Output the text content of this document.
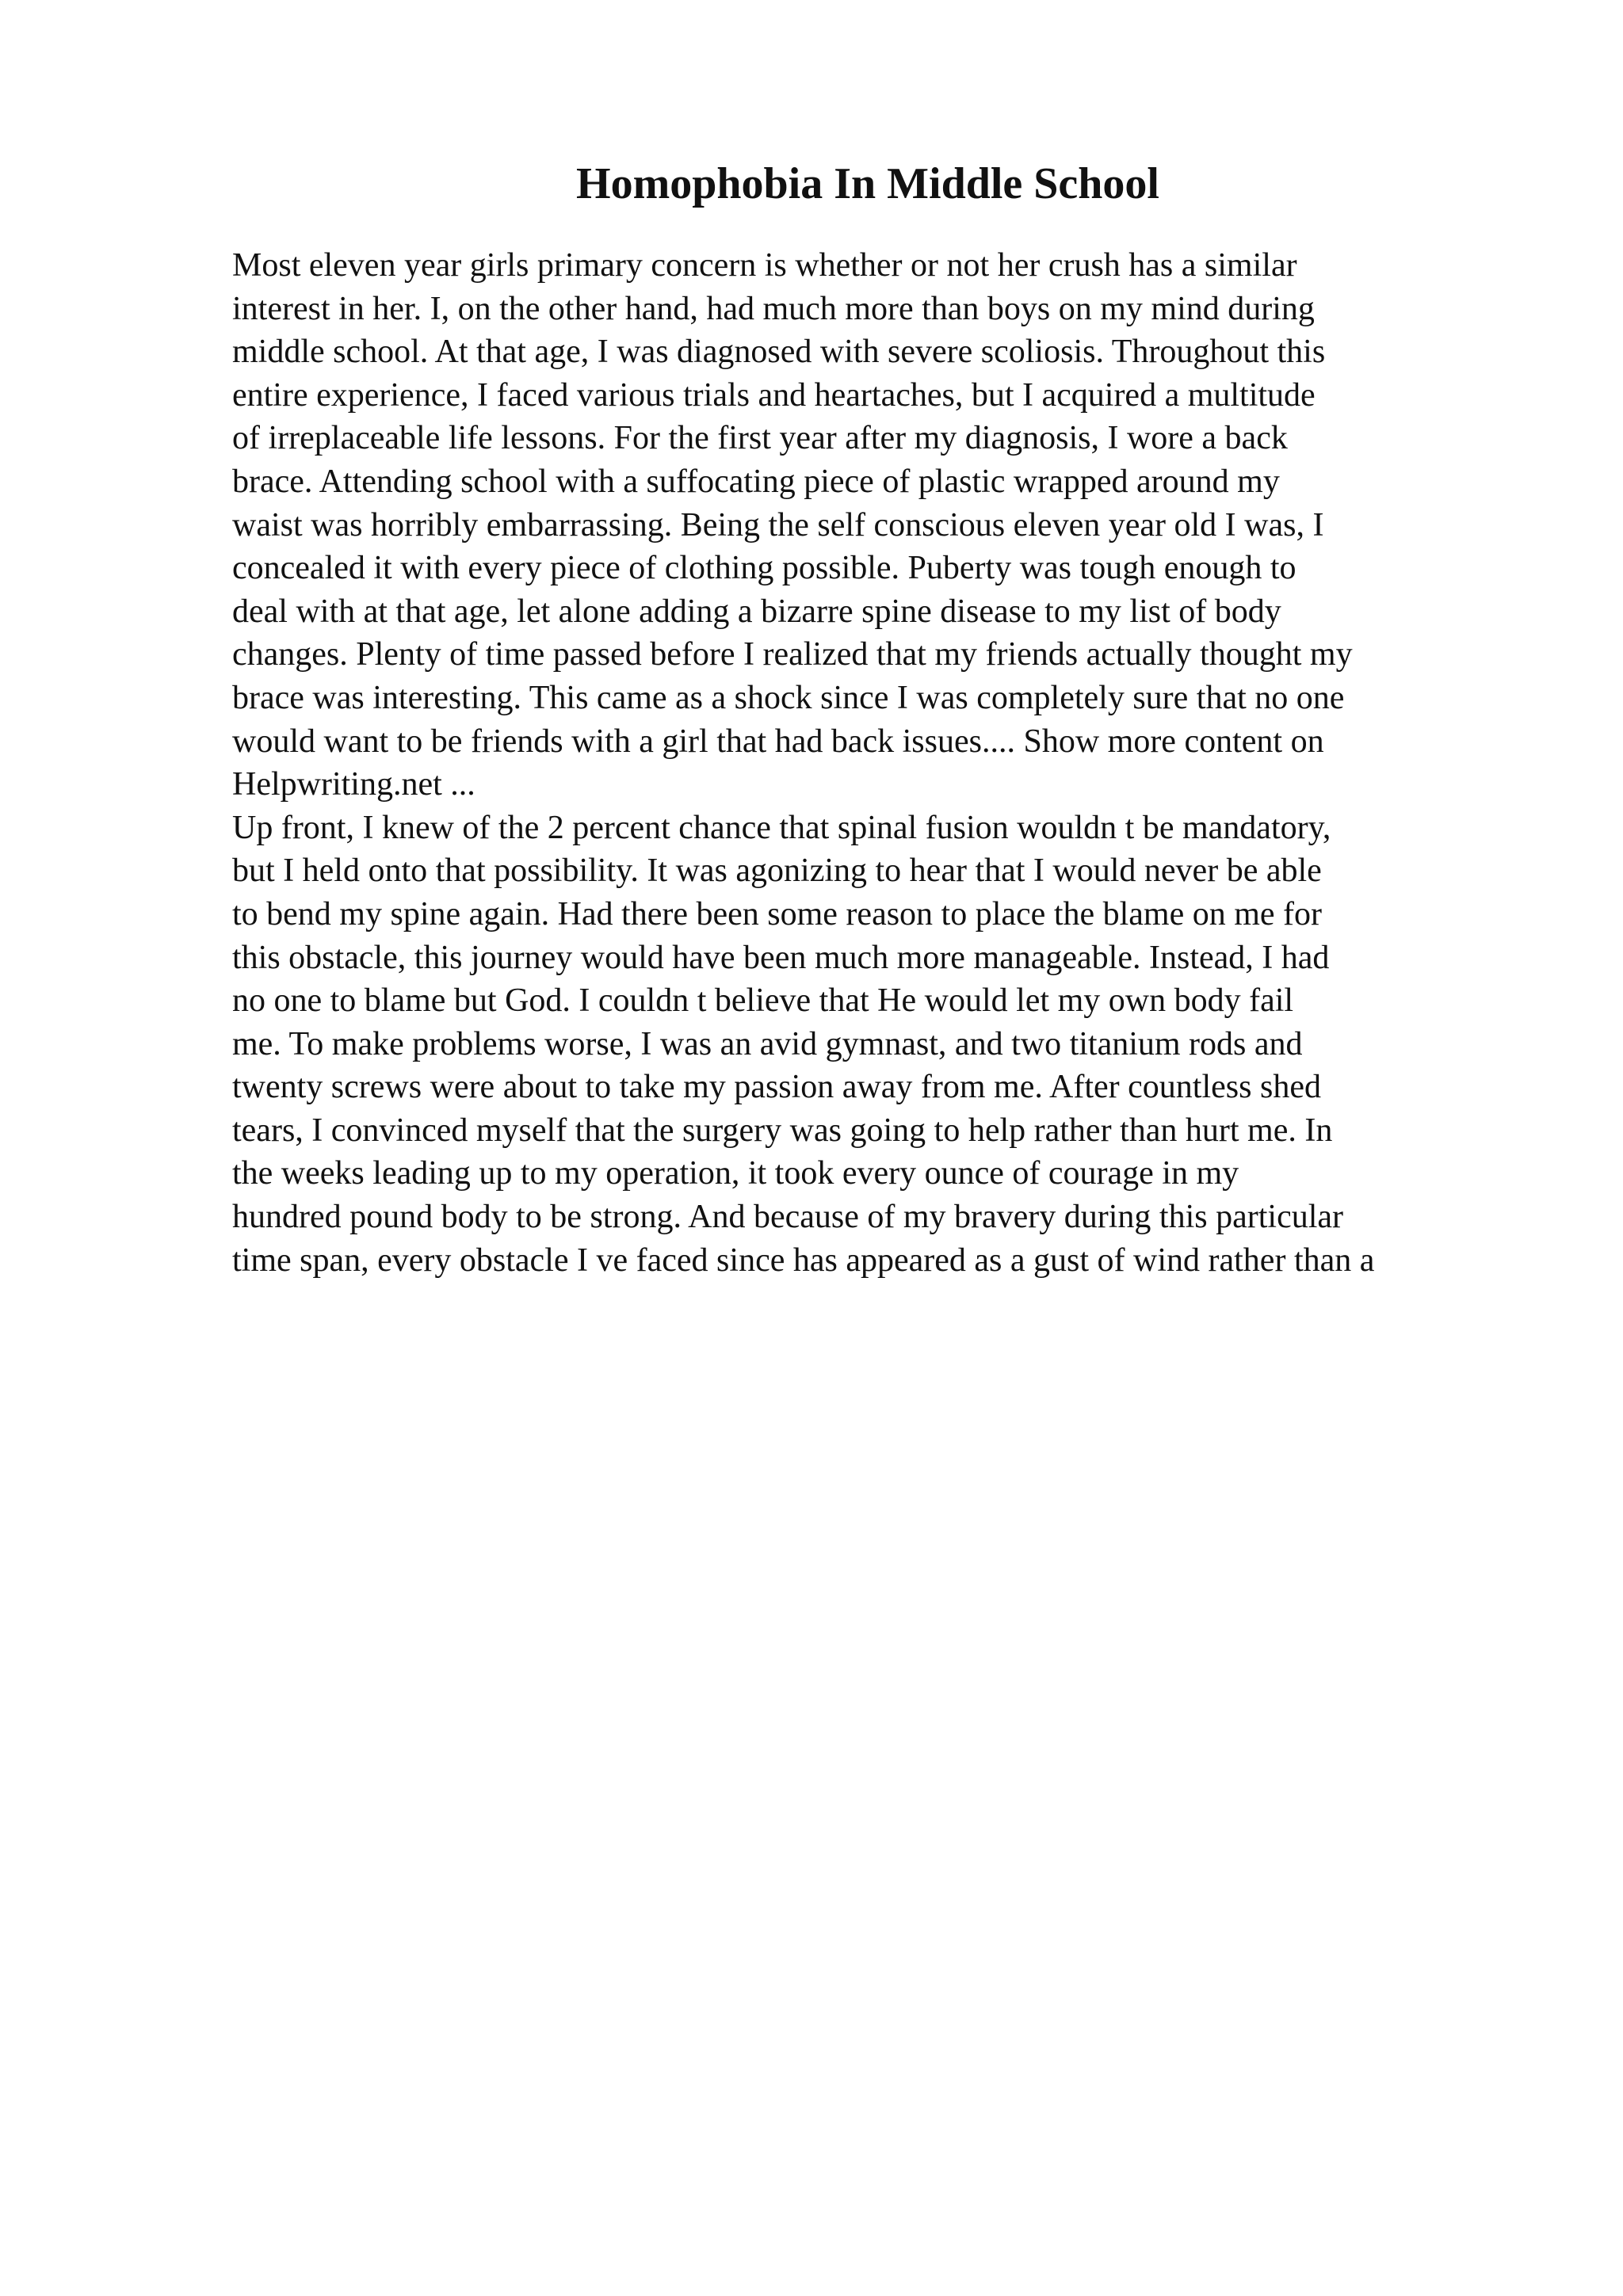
Homophobia In Middle School
Most eleven year girls primary concern is whether or not her crush has a similar
interest in her. I, on the other hand, had much more than boys on my mind during
middle school. At that age, I was diagnosed with severe scoliosis. Throughout this
entire experience, I faced various trials and heartaches, but I acquired a multitude
of irreplaceable life lessons. For the first year after my diagnosis, I wore a back
brace. Attending school with a suffocating piece of plastic wrapped around my
waist was horribly embarrassing. Being the self conscious eleven year old I was, I
concealed it with every piece of clothing possible. Puberty was tough enough to
deal with at that age, let alone adding a bizarre spine disease to my list of body
changes. Plenty of time passed before I realized that my friends actually thought my
brace was interesting. This came as a shock since I was completely sure that no one
would want to be friends with a girl that had back issues.... Show more content on
Helpwriting.net ...
Up front, I knew of the 2 percent chance that spinal fusion wouldn t be mandatory,
but I held onto that possibility. It was agonizing to hear that I would never be able
to bend my spine again. Had there been some reason to place the blame on me for
this obstacle, this journey would have been much more manageable. Instead, I had
no one to blame but God. I couldn t believe that He would let my own body fail
me. To make problems worse, I was an avid gymnast, and two titanium rods and
twenty screws were about to take my passion away from me. After countless shed
tears, I convinced myself that the surgery was going to help rather than hurt me. In
the weeks leading up to my operation, it took every ounce of courage in my
hundred pound body to be strong. And because of my bravery during this particular
time span, every obstacle I ve faced since has appeared as a gust of wind rather than a
